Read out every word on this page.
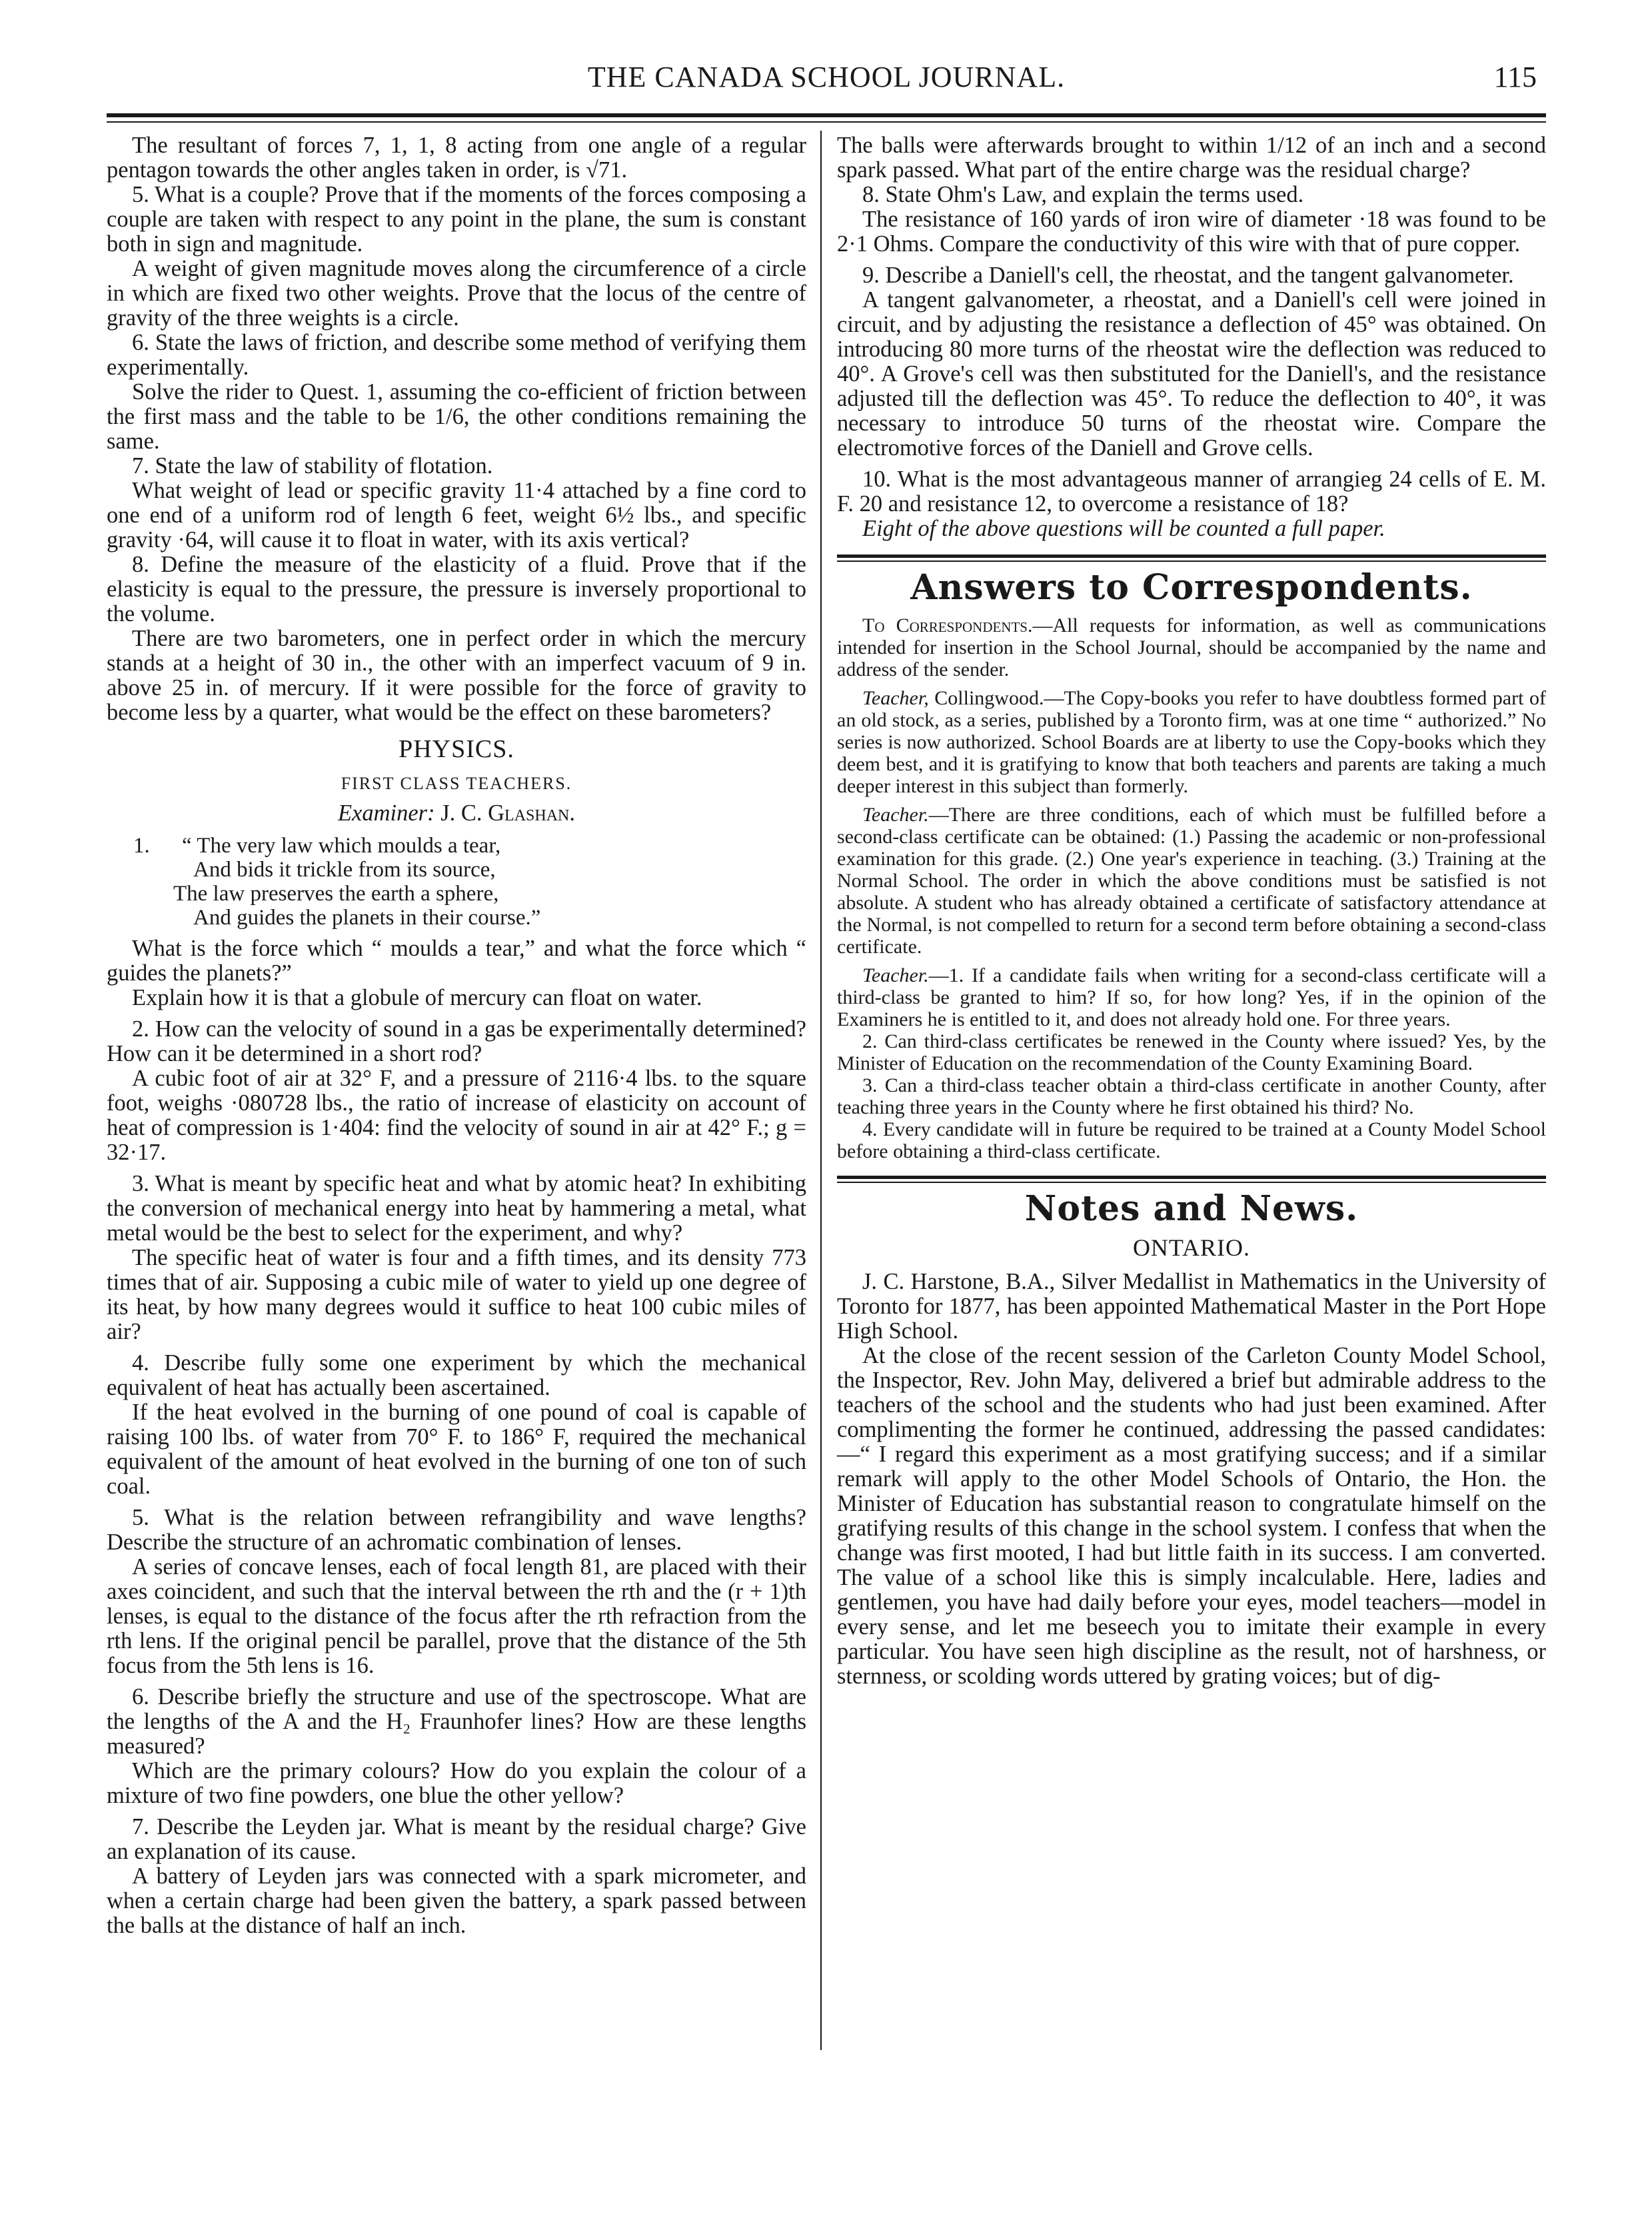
THE CANADA SCHOOL JOURNAL.	115

The resultant of forces 7, 1, 1, 8 acting from one angle of a regular pentagon towards the other angles taken in order, is √71.

5. What is a couple? Prove that if the moments of the forces composing a couple are taken with respect to any point in the plane, the sum is constant both in sign and magnitude.

A weight of given magnitude moves along the circumference of a circle in which are fixed two other weights. Prove that the locus of the centre of gravity of the three weights is a circle.

6. State the laws of friction, and describe some method of verifying them experimentally.

Solve the rider to Quest. 1, assuming the co-efficient of friction between the first mass and the table to be 1/6, the other conditions remaining the same.

7. State the law of stability of flotation.

What weight of lead or specific gravity 11·4 attached by a fine cord to one end of a uniform rod of length 6 feet, weight 6½ lbs., and specific gravity ·64, will cause it to float in water, with its axis vertical?

8. Define the measure of the elasticity of a fluid. Prove that if the elasticity is equal to the pressure, the pressure is inversely proportional to the volume.

There are two barometers, one in perfect order in which the mercury stands at a height of 30 in., the other with an imperfect vacuum of 9 in. above 25 in. of mercury. If it were possible for the force of gravity to become less by a quarter, what would be the effect on these barometers?

PHYSICS.
FIRST CLASS TEACHERS.
Examiner: J. C. Glashan.
1. “ The very law which moulds a tear,
And bids it trickle from its source,
The law preserves the earth a sphere,
And guides the planets in their course.”

What is the force which “ moulds a tear,” and what the force which “ guides the planets?”

Explain how it is that a globule of mercury can float on water.

2. How can the velocity of sound in a gas be experimentally determined? How can it be determined in a short rod?

A cubic foot of air at 32° F, and a pressure of 2116·4 lbs. to the square foot, weighs ·080728 lbs., the ratio of increase of elasticity on account of heat of compression is 1·404: find the velocity of sound in air at 42° F.; g = 32·17.

3. What is meant by specific heat and what by atomic heat? In exhibiting the conversion of mechanical energy into heat by hammering a metal, what metal would be the best to select for the experiment, and why?

The specific heat of water is four and a fifth times, and its density 773 times that of air. Supposing a cubic mile of water to yield up one degree of its heat, by how many degrees would it suffice to heat 100 cubic miles of air?

4. Describe fully some one experiment by which the mechanical equivalent of heat has actually been ascertained.

If the heat evolved in the burning of one pound of coal is capable of raising 100 lbs. of water from 70° F. to 186° F, required the mechanical equivalent of the amount of heat evolved in the burning of one ton of such coal.

5. What is the relation between refrangibility and wave lengths? Describe the structure of an achromatic combination of lenses.

A series of concave lenses, each of focal length 81, are placed with their axes coincident, and such that the interval between the rth and the (r + 1)th lenses, is equal to the distance of the focus after the rth refraction from the rth lens. If the original pencil be parallel, prove that the distance of the 5th focus from the 5th lens is 16.

6. Describe briefly the structure and use of the spectroscope. What are the lengths of the A and the H₂ Fraunhofer lines? How are these lengths measured?

Which are the primary colours? How do you explain the colour of a mixture of two fine powders, one blue the other yellow?

7. Describe the Leyden jar. What is meant by the residual charge? Give an explanation of its cause.

A battery of Leyden jars was connected with a spark micrometer, and when a certain charge had been given the battery, a spark passed between the balls at the distance of half an inch.

The balls were afterwards brought to within 1/12 of an inch and a second spark passed. What part of the entire charge was the residual charge?

8. State Ohm's Law, and explain the terms used.

The resistance of 160 yards of iron wire of diameter ·18 was found to be 2·1 Ohms. Compare the conductivity of this wire with that of pure copper.

9. Describe a Daniell's cell, the rheostat, and the tangent galvanometer.

A tangent galvanometer, a rheostat, and a Daniell's cell were joined in circuit, and by adjusting the resistance a deflection of 45° was obtained. On introducing 80 more turns of the rheostat wire the deflection was reduced to 40°. A Grove's cell was then substituted for the Daniell's, and the resistance adjusted till the deflection was 45°. To reduce the deflection to 40°, it was necessary to introduce 50 turns of the rheostat wire. Compare the electromotive forces of the Daniell and Grove cells.

10. What is the most advantageous manner of arrangieg 24 cells of E. M. F. 20 and resistance 12, to overcome a resistance of 18?

Eight of the above questions will be counted a full paper.

Answers to Correspondents.

To Correspondents.—All requests for information, as well as communications intended for insertion in the School Journal, should be accompanied by the name and address of the sender.

Teacher, Collingwood.—The Copy-books you refer to have doubtless formed part of an old stock, as a series, published by a Toronto firm, was at one time “ authorized.” No series is now authorized. School Boards are at liberty to use the Copy-books which they deem best, and it is gratifying to know that both teachers and parents are taking a much deeper interest in this subject than formerly.

Teacher.—There are three conditions, each of which must be fulfilled before a second-class certificate can be obtained: (1.) Passing the academic or non-professional examination for this grade. (2.) One year's experience in teaching. (3.) Training at the Normal School. The order in which the above conditions must be satisfied is not absolute. A student who has already obtained a certificate of satisfactory attendance at the Normal, is not compelled to return for a second term before obtaining a second-class certificate.

Teacher.—1. If a candidate fails when writing for a second-class certificate will a third-class be granted to him? If so, for how long? Yes, if in the opinion of the Examiners he is entitled to it, and does not already hold one. For three years.

2. Can third-class certificates be renewed in the County where issued? Yes, by the Minister of Education on the recommendation of the County Examining Board.

3. Can a third-class teacher obtain a third-class certificate in another County, after teaching three years in the County where he first obtained his third? No.

4. Every candidate will in future be required to be trained at a County Model School before obtaining a third-class certificate.

Notes and News.
ONTARIO.

J. C. Harstone, B.A., Silver Medallist in Mathematics in the University of Toronto for 1877, has been appointed Mathematical Master in the Port Hope High School.

At the close of the recent session of the Carleton County Model School, the Inspector, Rev. John May, delivered a brief but admirable address to the teachers of the school and the students who had just been examined. After complimenting the former he continued, addressing the passed candidates:—“ I regard this experiment as a most gratifying success; and if a similar remark will apply to the other Model Schools of Ontario, the Hon. the Minister of Education has substantial reason to congratulate himself on the gratifying results of this change in the school system. I confess that when the change was first mooted, I had but little faith in its success. I am converted. The value of a school like this is simply incalculable. Here, ladies and gentlemen, you have had daily before your eyes, model teachers—model in every sense, and let me beseech you to imitate their example in every particular. You have seen high discipline as the result, not of harshness, or sternness, or scolding words uttered by grating voices; but of dig-
